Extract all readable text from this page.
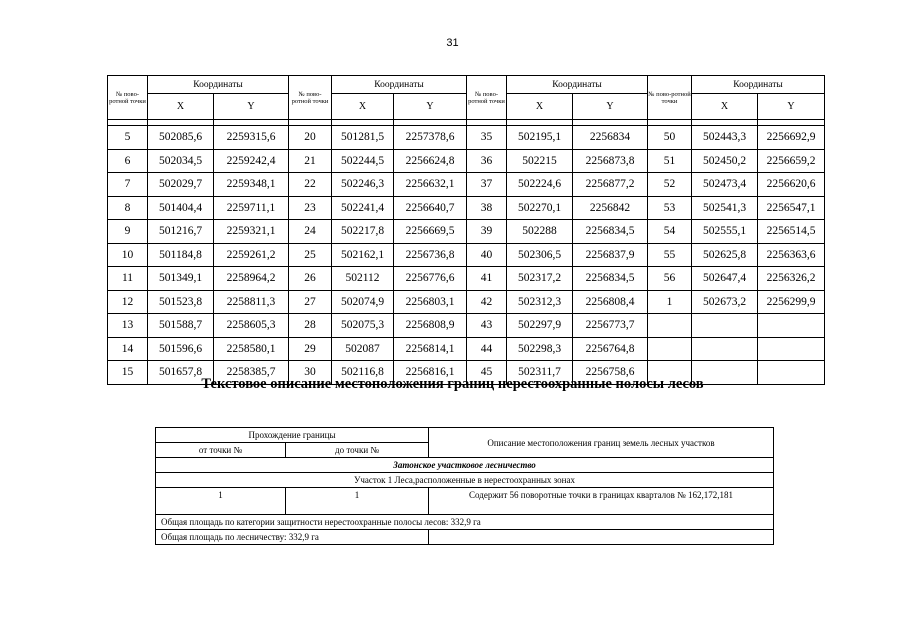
31
№ пово-ротной точки	Координаты		№ пово-ротной точки	Координаты		№ пово-ротной точки	Координаты		№ пово-ротной точки	Координаты	
	X	Y		X	Y		X	Y		X	Y

5	502085,6	2259315,6	20	501281,5	2257378,6	35	502195,1	2256834	50	502443,3	2256692,9
6	502034,5	2259242,4	21	502244,5	2256624,8	36	502215	2256873,8	51	502450,2	2256659,2
7	502029,7	2259348,1	22	502246,3	2256632,1	37	502224,6	2256877,2	52	502473,4	2256620,6
8	501404,4	2259711,1	23	502241,4	2256640,7	38	502270,1	2256842	53	502541,3	2256547,1
9	501216,7	2259321,1	24	502217,8	2256669,5	39	502288	2256834,5	54	502555,1	2256514,5
10	501184,8	2259261,2	25	502162,1	2256736,8	40	502306,5	2256837,9	55	502625,8	2256363,6
11	501349,1	2258964,2	26	502112	2256776,6	41	502317,2	2256834,5	56	502647,4	2256326,2
12	501523,8	2258811,3	27	502074,9	2256803,1	42	502312,3	2256808,4	1	502673,2	2256299,9
13	501588,7	2258605,3	28	502075,3	2256808,9	43	502297,9	2256773,7			
14	501596,6	2258580,1	29	502087	2256814,1	44	502298,3	2256764,8			
15	501657,8	2258385,7	30	502116,8	2256816,1	45	502311,7	2256758,6			
Текстовое описание местоположения границ нерестоохранные полосы лесов
Прохождение границы		Описание местоположения границ земель лесных участков
от точки №	до точки №	
Затонское участковое лесничество		
Участок 1 Леса,расположенные в нерестоохранных зонах		
1	1	Содержит 56 поворотные точки в границах кварталов № 162,172,181
Общая площадь по категории защитности нерестоохранные полосы лесов: 332,9 га		
Общая площадь по лесничеству: 332,9 га		
